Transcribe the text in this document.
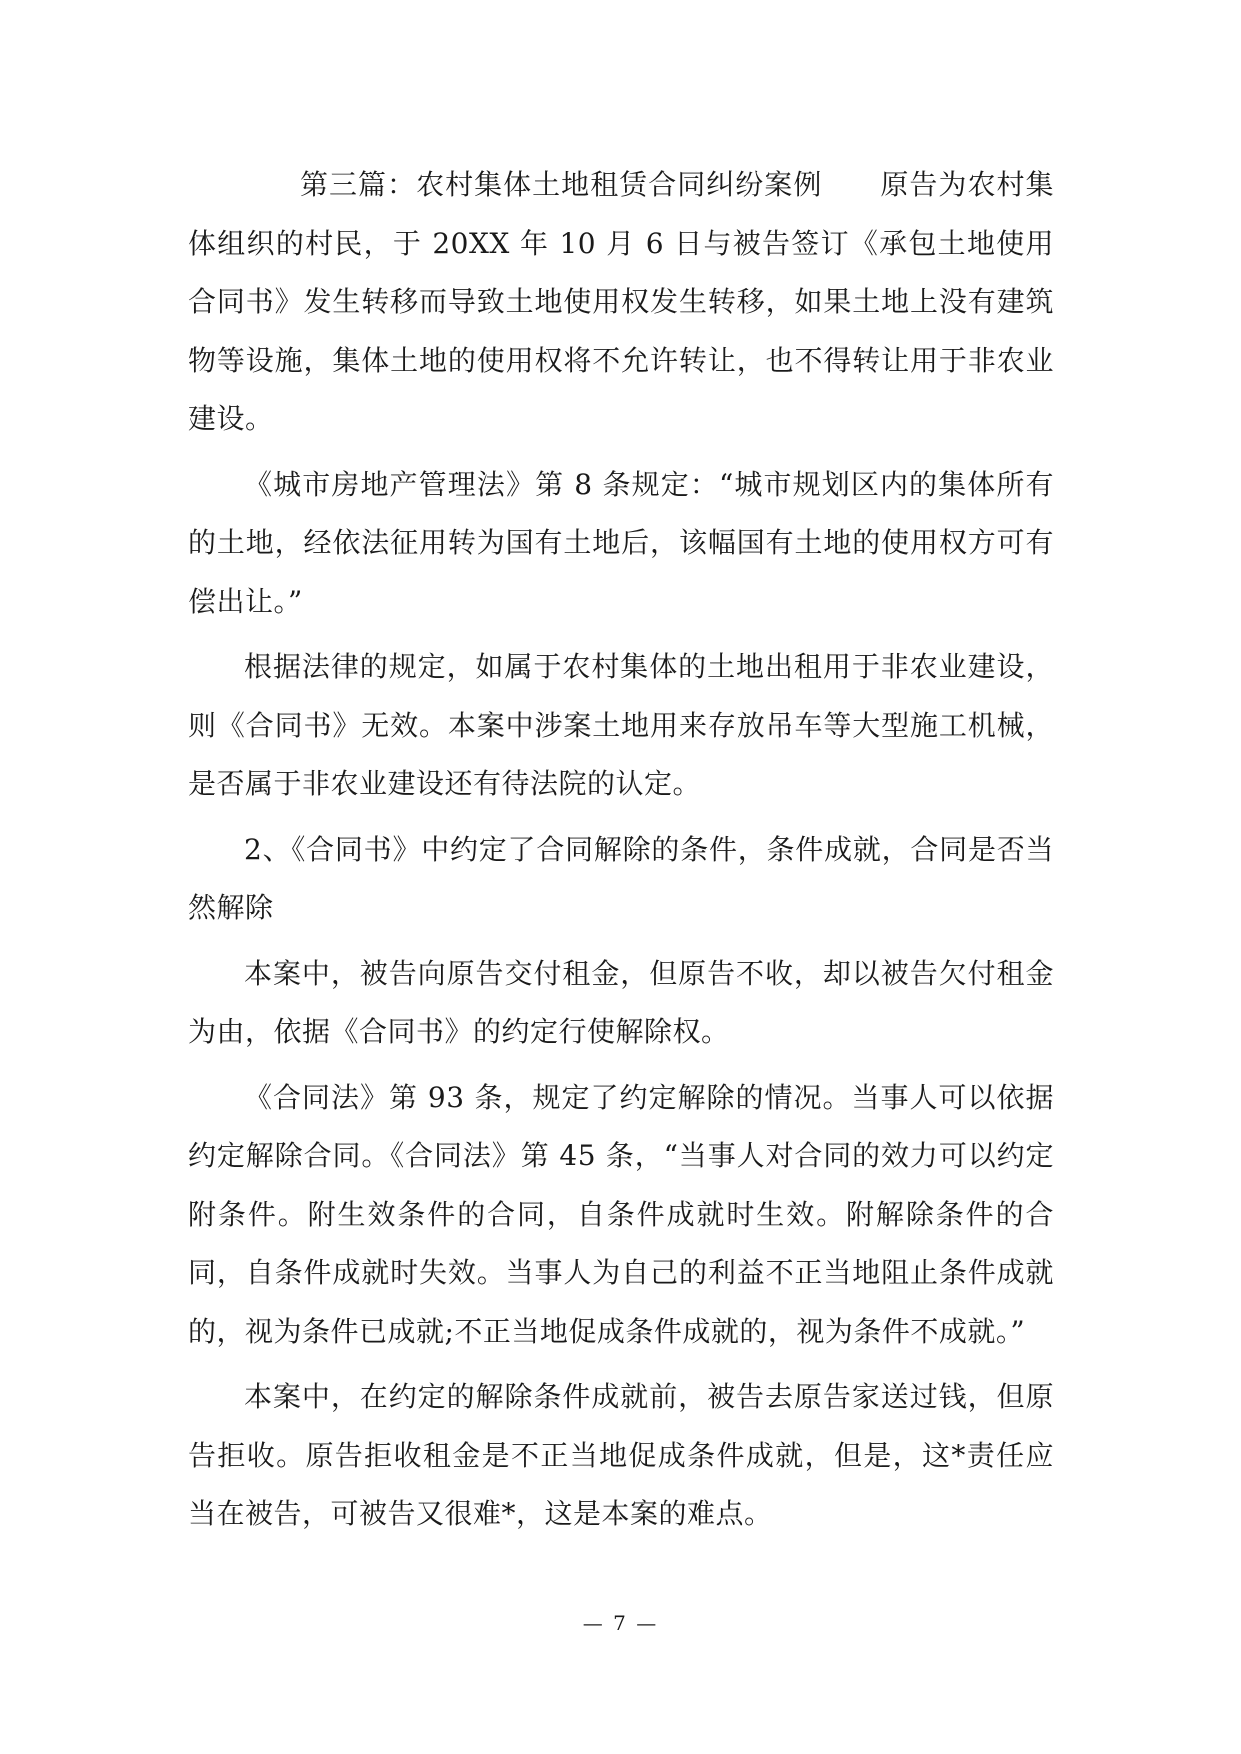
第三篇：农村集体土地租赁合同纠纷案例　　原告为农村集体组织的村民，于 20XX 年 10 月 6 日与被告签订《承包土地使用合同书》发生转移而导致土地使用权发生转移，如果土地上没有建筑物等设施，集体土地的使用权将不允许转让，也不得转让用于非农业建设。

《城市房地产管理法》第 8 条规定：“城市规划区内的集体所有的土地，经依法征用转为国有土地后，该幅国有土地的使用权方可有偿出让。”

根据法律的规定，如属于农村集体的土地出租用于非农业建设，则《合同书》无效。本案中涉案土地用来存放吊车等大型施工机械，是否属于非农业建设还有待法院的认定。

2、《合同书》中约定了合同解除的条件，条件成就，合同是否当然解除

本案中，被告向原告交付租金，但原告不收，却以被告欠付租金为由，依据《合同书》的约定行使解除权。

《合同法》第 93 条，规定了约定解除的情况。当事人可以依据约定解除合同。《合同法》第 45 条，“当事人对合同的效力可以约定附条件。附生效条件的合同，自条件成就时生效。附解除条件的合同，自条件成就时失效。当事人为自己的利益不正当地阻止条件成就的，视为条件已成就;不正当地促成条件成就的，视为条件不成就。”

本案中，在约定的解除条件成就前，被告去原告家送过钱，但原告拒收。原告拒收租金是不正当地促成条件成就，但是，这*责任应当在被告，可被告又很难*，这是本案的难点。

— 7 —
